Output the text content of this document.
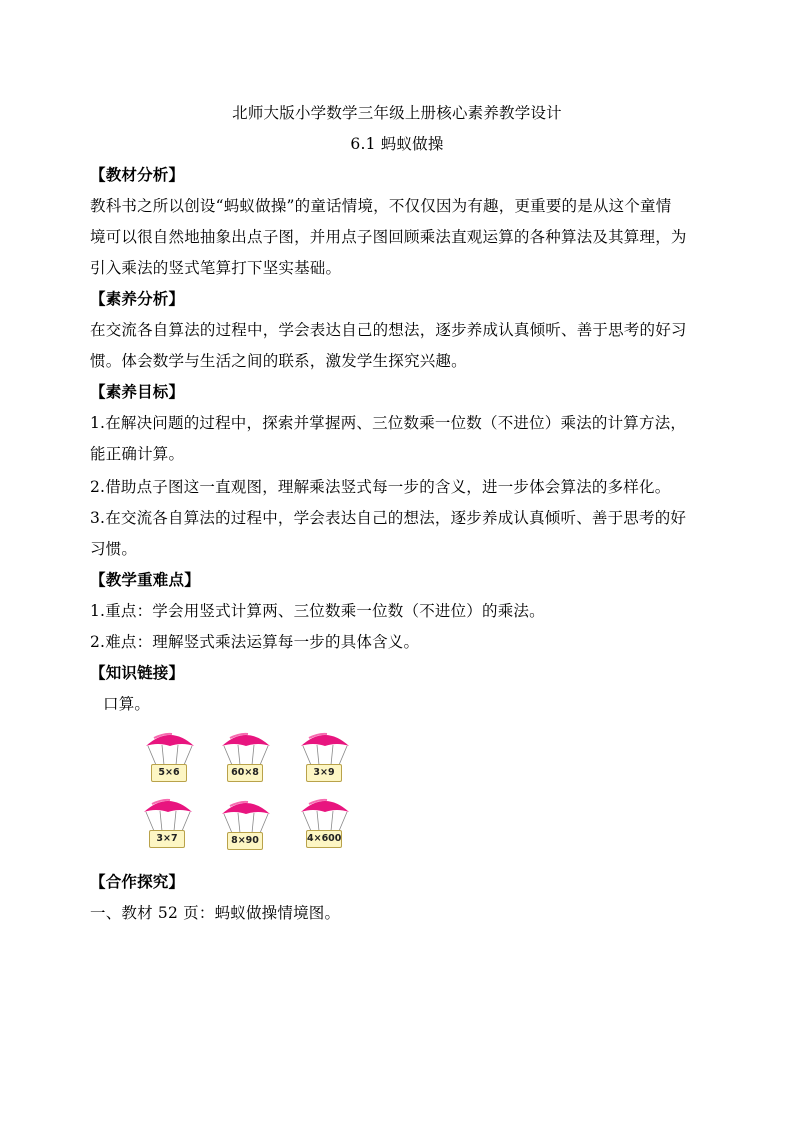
北师大版小学数学三年级上册核心素养教学设计
6.1 蚂蚁做操
【教材分析】
教科书之所以创设“蚂蚁做操”的童话情境，不仅仅因为有趣，更重要的是从这个童情
境可以很自然地抽象出点子图，并用点子图回顾乘法直观运算的各种算法及其算理，为
引入乘法的竖式笔算打下坚实基础。
【素养分析】
在交流各自算法的过程中，学会表达自己的想法，逐步养成认真倾听、善于思考的好习
惯。体会数学与生活之间的联系，激发学生探究兴趣。
【素养目标】
1.在解决问题的过程中，探索并掌握两、三位数乘一位数（不进位）乘法的计算方法，
能正确计算。
2.借助点子图这一直观图，理解乘法竖式每一步的含义，进一步体会算法的多样化。
3.在交流各自算法的过程中，学会表达自己的想法，逐步养成认真倾听、善于思考的好
习惯。
【教学重难点】
1.重点：学会用竖式计算两、三位数乘一位数（不进位）的乘法。
2.难点：理解竖式乘法运算每一步的具体含义。
【知识链接】
口算。
5×6	60×8	3×9
3×7	8×90	4×600
【合作探究】
一、教材 52 页：蚂蚁做操情境图。
